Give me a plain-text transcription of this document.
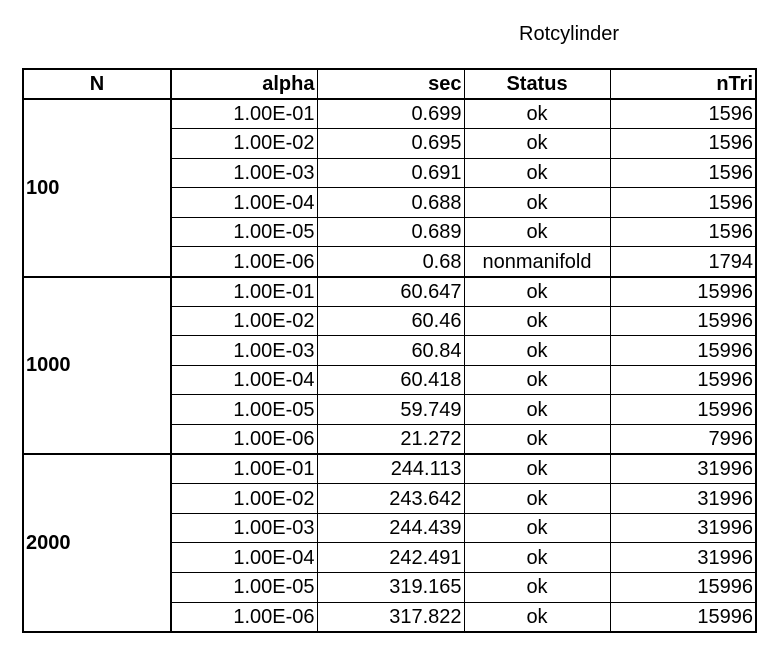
Rotcylinder
N	alpha	sec	Status	nTri
100	1.00E-01	0.699	ok	1596
	1.00E-02	0.695	ok	1596
	1.00E-03	0.691	ok	1596
	1.00E-04	0.688	ok	1596
	1.00E-05	0.689	ok	1596
	1.00E-06	0.68	nonmanifold	1794
1000	1.00E-01	60.647	ok	15996
	1.00E-02	60.46	ok	15996
	1.00E-03	60.84	ok	15996
	1.00E-04	60.418	ok	15996
	1.00E-05	59.749	ok	15996
	1.00E-06	21.272	ok	7996
2000	1.00E-01	244.113	ok	31996
	1.00E-02	243.642	ok	31996
	1.00E-03	244.439	ok	31996
	1.00E-04	242.491	ok	31996
	1.00E-05	319.165	ok	15996
	1.00E-06	317.822	ok	15996
